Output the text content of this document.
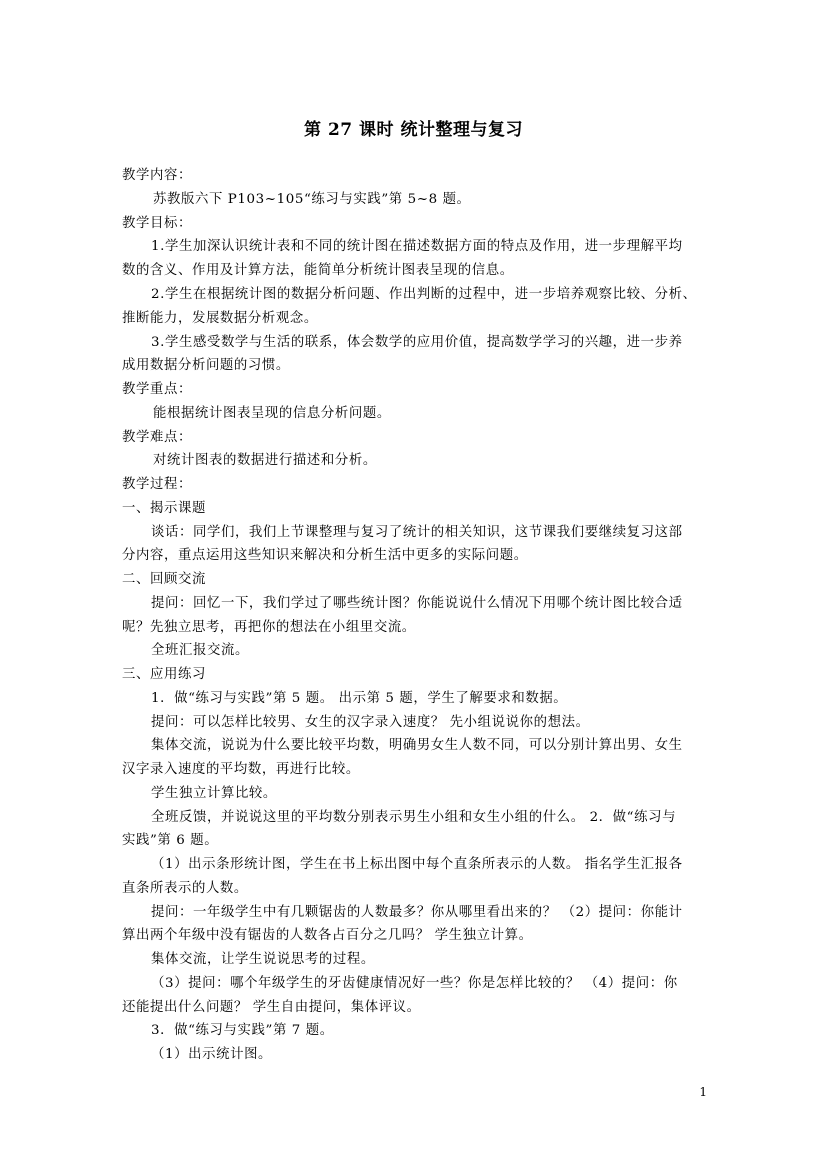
第 27 课时 统计整理与复习
教学内容：
苏教版六下 P103~105“练习与实践”第 5~8 题。
教学目标：
1.学生加深认识统计表和不同的统计图在描述数据方面的特点及作用，进一步理解平均
数的含义、作用及计算方法，能简单分析统计图表呈现的信息。
2.学生在根据统计图的数据分析问题、作出判断的过程中，进一步培养观察比较、分析、
推断能力，发展数据分析观念。
3.学生感受数学与生活的联系，体会数学的应用价值，提高数学学习的兴趣，进一步养
成用数据分析问题的习惯。
教学重点：
能根据统计图表呈现的信息分析问题。
教学难点：
对统计图表的数据进行描述和分析。
教学过程：
一、揭示课题
谈话：同学们，我们上节课整理与复习了统计的相关知识，这节课我们要继续复习这部
分内容，重点运用这些知识来解决和分析生活中更多的实际问题。
二、回顾交流
提问：回忆一下，我们学过了哪些统计图？你能说说什么情况下用哪个统计图比较合适
呢？先独立思考，再把你的想法在小组里交流。
全班汇报交流。
三、应用练习
1．做“练习与实践”第 5 题。 出示第 5 题，学生了解要求和数据。
提问：可以怎样比较男、女生的汉字录入速度？ 先小组说说你的想法。
集体交流，说说为什么要比较平均数，明确男女生人数不同，可以分别计算出男、女生
汉字录入速度的平均数，再进行比较。
学生独立计算比较。
全班反馈，并说说这里的平均数分别表示男生小组和女生小组的什么。 2．做“练习与
实践”第 6 题。
（1）出示条形统计图，学生在书上标出图中每个直条所表示的人数。 指名学生汇报各
直条所表示的人数。
提问：一年级学生中有几颗锯齿的人数最多？你从哪里看出来的？ （2）提问：你能计
算出两个年级中没有锯齿的人数各占百分之几吗？ 学生独立计算。
集体交流，让学生说说思考的过程。
（3）提问：哪个年级学生的牙齿健康情况好一些？你是怎样比较的？ （4）提问：你
还能提出什么问题？ 学生自由提问，集体评议。
3．做“练习与实践”第 7 题。
（1）出示统计图。
1
